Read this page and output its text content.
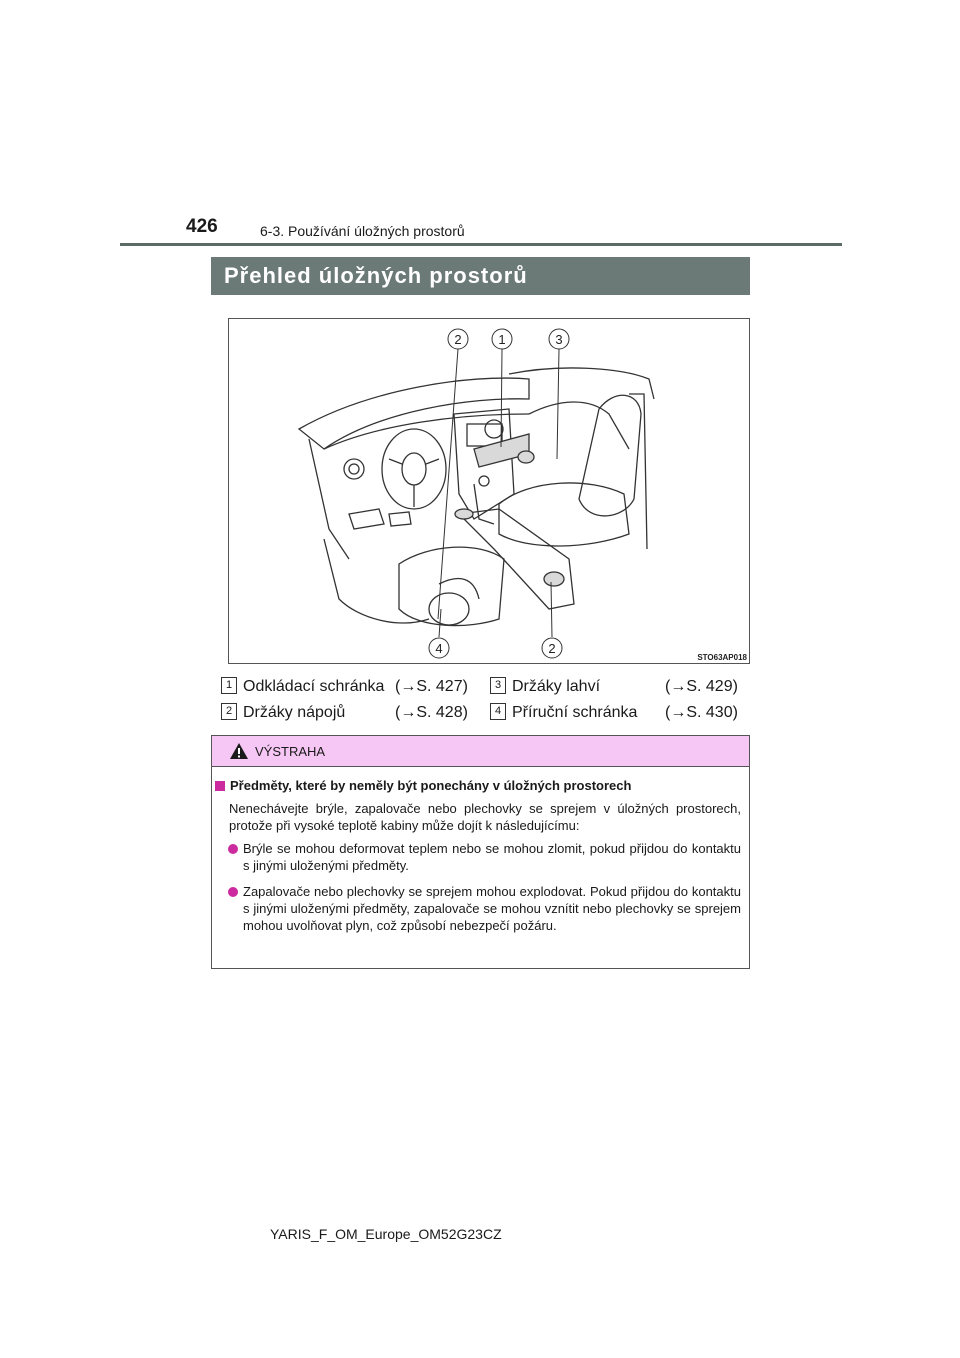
426	6-3. Používání úložných prostorů
Přehled úložných prostorů
2	1	3
4	2
STO63AP018
1 Odkládací schránka (→S. 427)	3 Držáky lahví	(→S. 429)
2 Držáky nápojů	(→S. 428)	4 Příruční schránka (→S. 430)
VÝSTRAHA
Předměty, které by neměly být ponechány v úložných prostorech
Nenechávejte brýle, zapalovače nebo plechovky se sprejem v úložných prostorech, protože při vysoké teplotě kabiny může dojít k následujícímu:
Brýle se mohou deformovat teplem nebo se mohou zlomit, pokud přijdou do kontaktu s jinými uloženými předměty.
Zapalovače nebo plechovky se sprejem mohou explodovat. Pokud přijdou do kontaktu s jinými uloženými předměty, zapalovače se mohou vznítit nebo plechovky se sprejem mohou uvolňovat plyn, což způsobí nebezpečí požáru.
YARIS_F_OM_Europe_OM52G23CZ
